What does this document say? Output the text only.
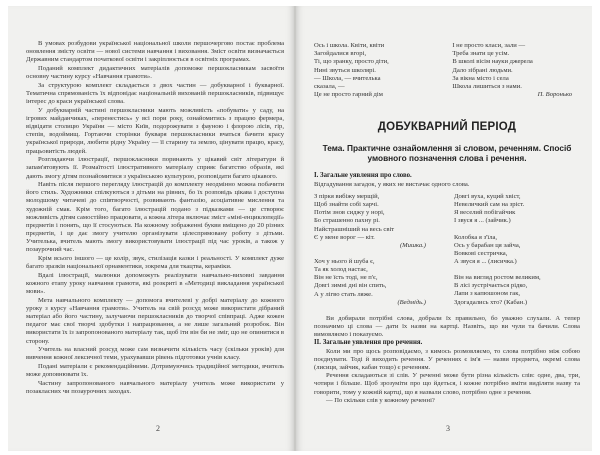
В умовах розбудови української національної школи першочергово постає проблема оновлення змісту освіти — нової системи навчання і виховання. Зміст освіти визначається Державним стандартом початкової освіти і закріплюється в освітніх програмах.

Поданий комплект дидактичних матеріалів допоможе першокласникам засвоїти основну частину курсу «Навчання грамоти».

За структурою комплект складається з двох частин — добукварної і букварної. Тематична спрямованість їх відповідає національній вихованій першокласників, підвищує інтерес до краси української слова.

У добукварній частині першокласники мають можливість «побувати» у саду, на ігрових майданчиках, «перенестись» у всі пори року, ознайомитись з працею фермера, відвідати столицю України — місто Київ, подорожувати з фауною і флорою лісів, гір, степів, водоймищ. Гортаючи сторінки букваря першокласники вчаться бачити красу української природи, любити рідну Україну — її старину та землю, цінувати працю, красу, працьовитість людей.

Розглядаючи ілюстрації, першокласники поринають у цікавий світ літератури й запам'ятовують її. Розмаїтості ілюстративного матеріалу сприяє багатство образів, які дають змогу дітям познайомитися з українською культурою, розповідати багато цікавого.

Навіть після першого перегляду ілюстрацій до комплекту неодмінно можна побачити його стиль. Художники спілкуються з дітьми на рівних, бо їх розповідь цікава і доступна молодшому читачеві до співтворчості, розвивають фантазію, асоціативне мислення та художній смак. Крім того, багато ілюстрацій подано з підказками — це створює можливість дітям самостійно працювати, а кожна літера включає зміст «міні-енциклопедії» предметів і понять, що її стосуються. На кожному зображенні букви вміщено до 20 різних предметів, і це дає змогу учителю організувати цілеспрямовану роботу з дітьми. Учителька, вчитель мають змогу використовувати ілюстрації під час уроків, а також у позаурочний час.

Крім всього іншого — це колір, звук, стилізація казки і реальності. У комплект дуже багато зразків національної орнаментики, зокрема для ткацтва, кераміки.

Вдалі ілюстрації, малюнки допоможуть реалізувати навчально-виховні завдання кожного етапу уроку навчання грамоти, які розкриті в «Методиці викладання української мови».

Мета навчального комплекту — допомога вчителеві у добрі матеріалу до кожного уроку з курсу «Навчання грамоти». Учитель на свій розсуд може використати дібраний матеріал або його частину, залучаючи першокласників до творчої співпраці. Адже кожен педагог має свої творчі здобутки і напрацювання, а не лише загальний розробок. Він використати їх із запропонованого матеріалу так, щоб іти він би не зміг, що не опинитися в сторону.

Учитель на власний розсуд може сам визначити кількість часу (скільки уроків) для вивчення кожної лексичної теми, урахувавши рівень підготовки учнів класу.

Подані матеріали є рекомендаційними. Дотримуючись традиційної методики, вчитель може доповнювати їх.

Частину запропонованого навчального матеріалу учитель може використати у позакласних чи позаурочних заходах.

2
Ось і школа. Квіти, квіти
Загойдалися вгорі,
Ті, що зранку, просто діти,
Нині звуться школярі.
— Школа, — вчителька
сказала, —
Це не просто гарний дім
І не просто класи, зали —
Треба знати це усім.
В школі вісім науки джерела
Дало зібрані людьми.
За вікна місто і села
Школа лишиться з нами.
П. Воронько
ДОБУКВАРНИЙ ПЕРІОД
Тема. Практичне ознайомлення зі словом, реченням. Спосіб умовного позначення слова і речення.
I. Загальне уявлення про слово.
Відгадування загадок, у яких не вистачає одного слова.
З піркя вибіжу мерщій,
Щоб знайти собі харчі.
Потім знов сиджу у норі,
Бо страшенно пахну рі.
Найстрашніший на весь світ
Є у мене ворог — кіт.
(Мишка.)
Хоч у нього й шуба є,
Та як холод настає,
Він не їсть тоді, не п'є,
Довгі зимні дні він спить,
А у лігво стать ляже.
(Ведмідь.)
Довгі вуха, куций хвіст,
Невеличкий сам на зріст.
Я веселий побігайчик
І звуся я ... (зайчик.)
Колобка я з'їла,
Ось у барабан ця зайча,
Вовкові сестричка,
А звуся я ... (лисичка.)
Він на вигляд ростом великим,
В лісі зустрічається рідко,
Лапи з капюшоном гак,
Здогадались хто? (Кабан.)

Ви добирали потрібні слова, добрали їх правильно, бо уважно слухали. А тепер позначимо ці слова — дати їх назви на картці. Назвіть, що ви чули та бачили. Слова вимовляємо і показуємо.

II. Загальне уявлення про речення.

Коли ми про щось розповідаємо, з кимось розмовляємо, то слова потрібно між собою поєднувати. Тоді й виходить речення. У реченнях є ім'я — назви предмета, окремі слова (лисиця, зайчик, кабан тощо) є реченням.

Речення складаються зі слів. У реченні може бути різна кількість слів: одне, два, три, чотири і більше. Щоб зрозуміти про що йдеться, і кожне потрібно вміти виділяти назву та говорити, тому у кожній картці, що я назвали слово, потрібно одне з речення.

— По скільки слів у кожному реченні?

3
